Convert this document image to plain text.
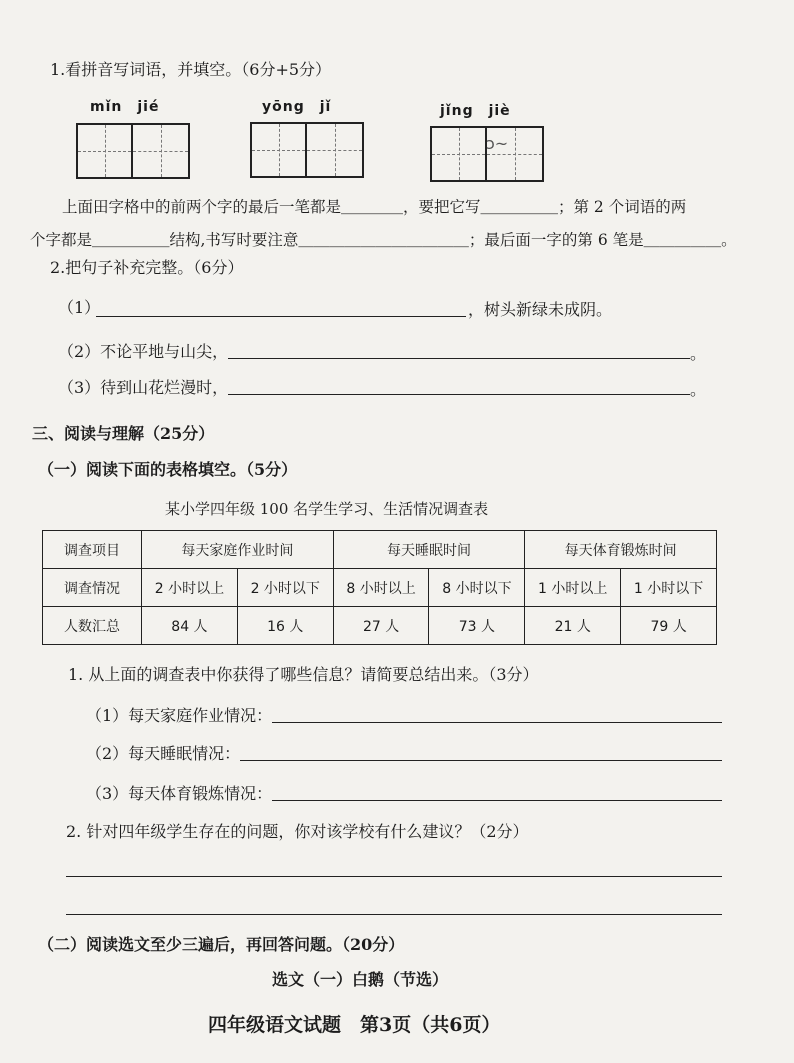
1.看拼音写词语，并填空。（6分+5分）
mǐn　jié	yōng　jǐ	jǐng　jiè
ɔ~
上面田字格中的前两个字的最后一笔都是＿＿＿＿，要把它写＿＿＿＿＿；第 2 个词语的两
个字都是＿＿＿＿＿结构,书写时要注意＿＿＿＿＿＿＿＿＿＿＿；最后面一字的第 6 笔是＿＿＿＿＿。
2.把句子补充完整。（6分）
（1）	，树头新绿未成阴。
（2）不论平地与山尖，	。
（3）待到山花烂漫时，	。
三、阅读与理解（25分）
（一）阅读下面的表格填空。（5分）
某小学四年级 100 名学生学习、生活情况调查表
调查项目	每天家庭作业时间		每天睡眠时间		每天体育锻炼时间	
调查情况	2 小时以上	2 小时以下	8 小时以上	8 小时以下	1 小时以上	1 小时以下
人数汇总	84 人	16 人	27 人	73 人	21 人	79 人
1. 从上面的调查表中你获得了哪些信息？请简要总结出来。（3分）
（1）每天家庭作业情况：
（2）每天睡眠情况：
（3）每天体育锻炼情况：
2. 针对四年级学生存在的问题，你对该学校有什么建议？（2分）
（二）阅读选文至少三遍后，再回答问题。（20分）
选文（一）白鹅（节选）
四年级语文试题　第3页（共6页）
